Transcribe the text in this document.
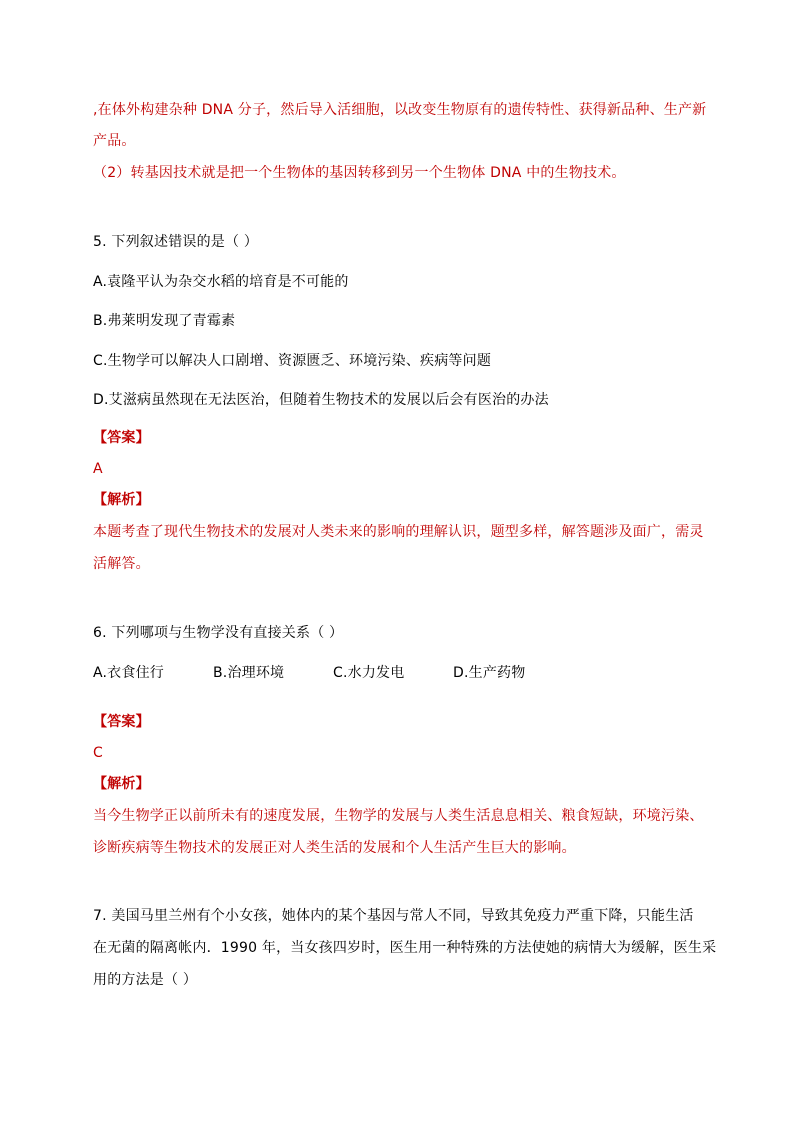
,在体外构建杂种 DNA 分子，然后导入活细胞，以改变生物原有的遗传特性、获得新品种、生产新
产品。
（2）转基因技术就是把一个生物体的基因转移到另一个生物体 DNA 中的生物技术。
5. 下列叙述错误的是（ ）
A.袁隆平认为杂交水稻的培育是不可能的
B.弗莱明发现了青霉素
C.生物学可以解决人口剧增、资源匮乏、环境污染、疾病等问题
D.艾滋病虽然现在无法医治，但随着生物技术的发展以后会有医治的办法
【答案】
A
【解析】
本题考查了现代生物技术的发展对人类未来的影响的理解认识，题型多样，解答题涉及面广，需灵
活解答。
6. 下列哪项与生物学没有直接关系（ ）
A.衣食住行	B.治理环境	C.水力发电	D.生产药物
【答案】
C
【解析】
当今生物学正以前所未有的速度发展，生物学的发展与人类生活息息相关、粮食短缺，环境污染、
诊断疾病等生物技术的发展正对人类生活的发展和个人生活产生巨大的影响。
7. 美国马里兰州有个小女孩，她体内的某个基因与常人不同，导致其免疫力严重下降，只能生活
在无菌的隔离帐内．1990 年，当女孩四岁时，医生用一种特殊的方法使她的病情大为缓解，医生采
用的方法是（ ）
